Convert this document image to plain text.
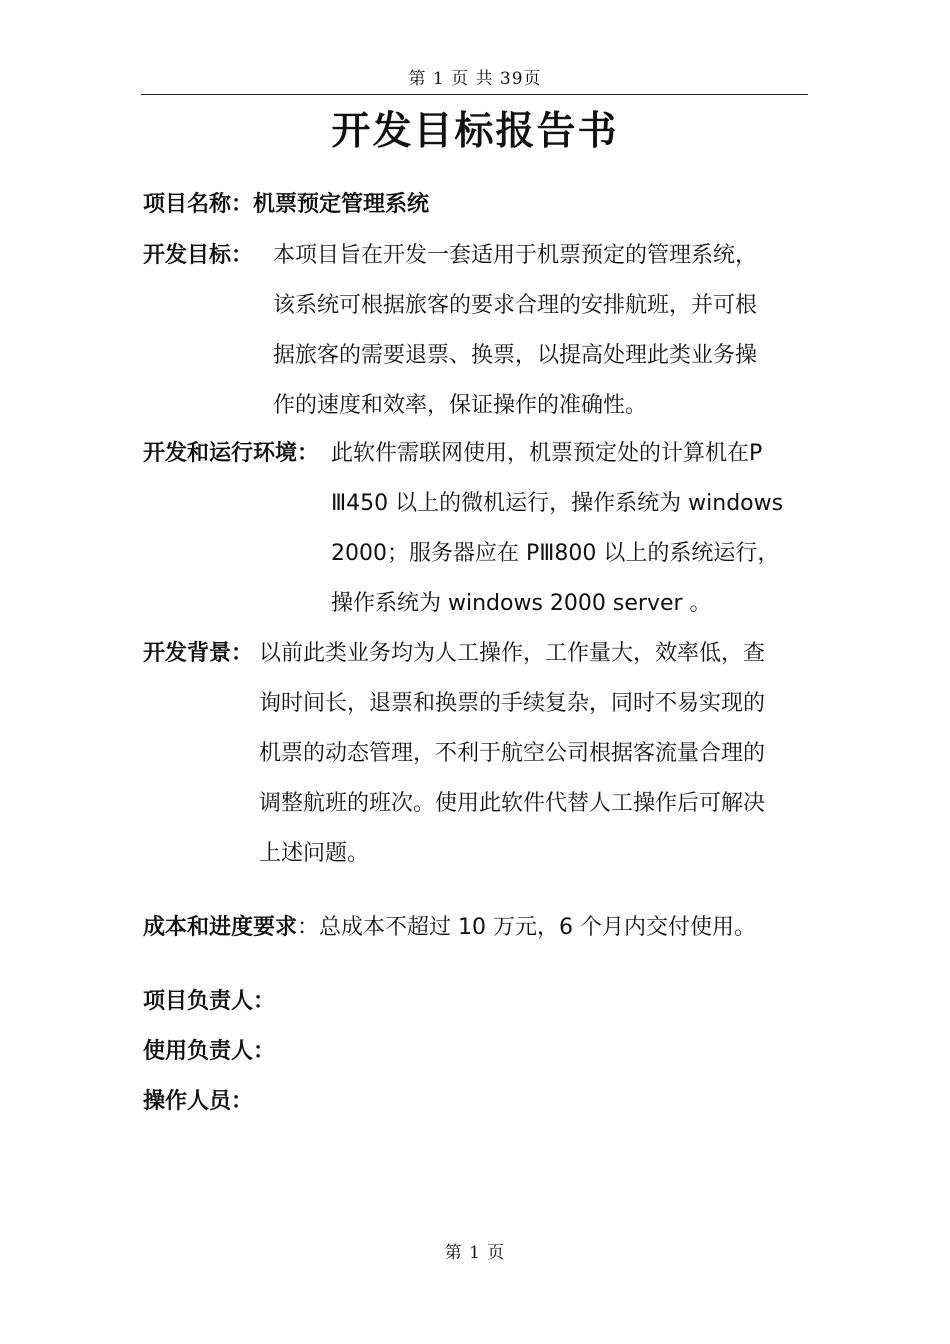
第 1 页 共 39页
开发目标报告书
项目名称：机票预定管理系统
开发目标： 本项目旨在开发一套适用于机票预定的管理系统，
该系统可根据旅客的要求合理的安排航班，并可根
据旅客的需要退票、换票，以提高处理此类业务操
作的速度和效率，保证操作的准确性。
开发和运行环境： 此软件需联网使用，机票预定处的计算机在P
Ⅲ450 以上的微机运行，操作系统为 windows
2000；服务器应在 PⅢ800 以上的系统运行，
操作系统为 windows 2000 server 。
开发背景： 以前此类业务均为人工操作，工作量大，效率低，查
询时间长，退票和换票的手续复杂，同时不易实现的
机票的动态管理，不利于航空公司根据客流量合理的
调整航班的班次。使用此软件代替人工操作后可解决
上述问题。
成本和进度要求：总成本不超过 10 万元，6 个月内交付使用。
项目负责人：
使用负责人：
操作人员：
第 1 页
